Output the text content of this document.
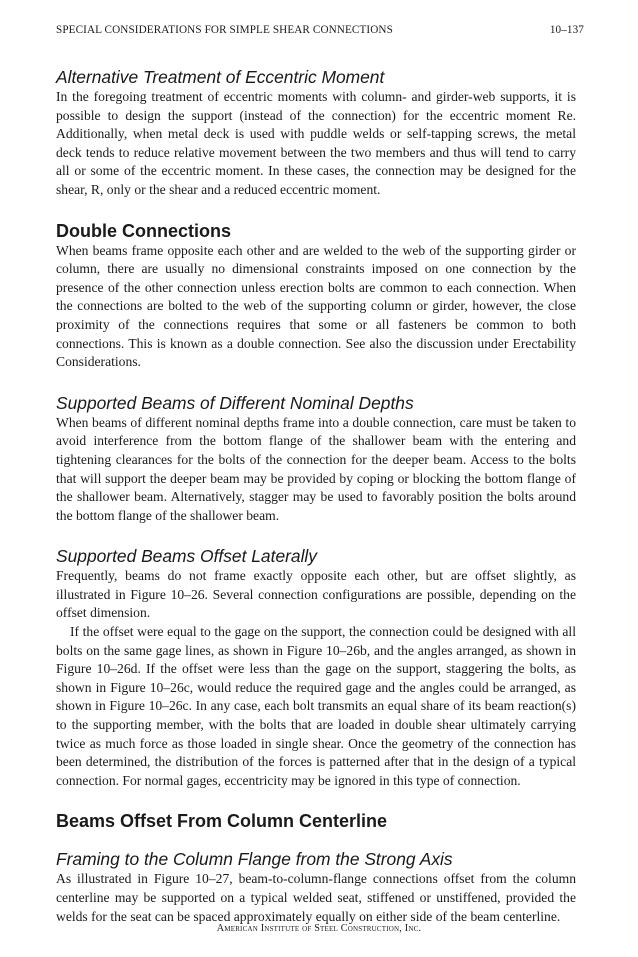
SPECIAL CONSIDERATIONS FOR SIMPLE SHEAR CONNECTIONS	10–137
Alternative Treatment of Eccentric Moment

In the foregoing treatment of eccentric moments with column- and girder-web supports, it is possible to design the support (instead of the connection) for the eccentric moment Re. Additionally, when metal deck is used with puddle welds or self-tapping screws, the metal deck tends to reduce relative movement between the two members and thus will tend to carry all or some of the eccentric moment. In these cases, the connection may be designed for the shear, R, only or the shear and a reduced eccentric moment.

Double Connections

When beams frame opposite each other and are welded to the web of the supporting girder or column, there are usually no dimensional constraints imposed on one connection by the presence of the other connection unless erection bolts are common to each connection. When the connections are bolted to the web of the supporting column or girder, however, the close proximity of the connections requires that some or all fasteners be common to both connections. This is known as a double connection. See also the discussion under Erectability Considerations.

Supported Beams of Different Nominal Depths

When beams of different nominal depths frame into a double connection, care must be taken to avoid interference from the bottom flange of the shallower beam with the entering and tightening clearances for the bolts of the connection for the deeper beam. Access to the bolts that will support the deeper beam may be provided by coping or blocking the bottom flange of the shallower beam. Alternatively, stagger may be used to favorably position the bolts around the bottom flange of the shallower beam.

Supported Beams Offset Laterally

Frequently, beams do not frame exactly opposite each other, but are offset slightly, as illustrated in Figure 10–26. Several connection configurations are possible, depending on the offset dimension.

If the offset were equal to the gage on the support, the connection could be designed with all bolts on the same gage lines, as shown in Figure 10–26b, and the angles arranged, as shown in Figure 10–26d. If the offset were less than the gage on the support, staggering the bolts, as shown in Figure 10–26c, would reduce the required gage and the angles could be arranged, as shown in Figure 10–26c. In any case, each bolt transmits an equal share of its beam reaction(s) to the supporting member, with the bolts that are loaded in double shear ultimately carrying twice as much force as those loaded in single shear. Once the geometry of the connection has been determined, the distribution of the forces is patterned after that in the design of a typical connection. For normal gages, eccentricity may be ignored in this type of connection.

Beams Offset From Column Centerline
Framing to the Column Flange from the Strong Axis

As illustrated in Figure 10–27, beam-to-column-flange connections offset from the column centerline may be supported on a typical welded seat, stiffened or unstiffened, provided the welds for the seat can be spaced approximately equally on either side of the beam centerline.

American Institute of Steel Construction, Inc.
